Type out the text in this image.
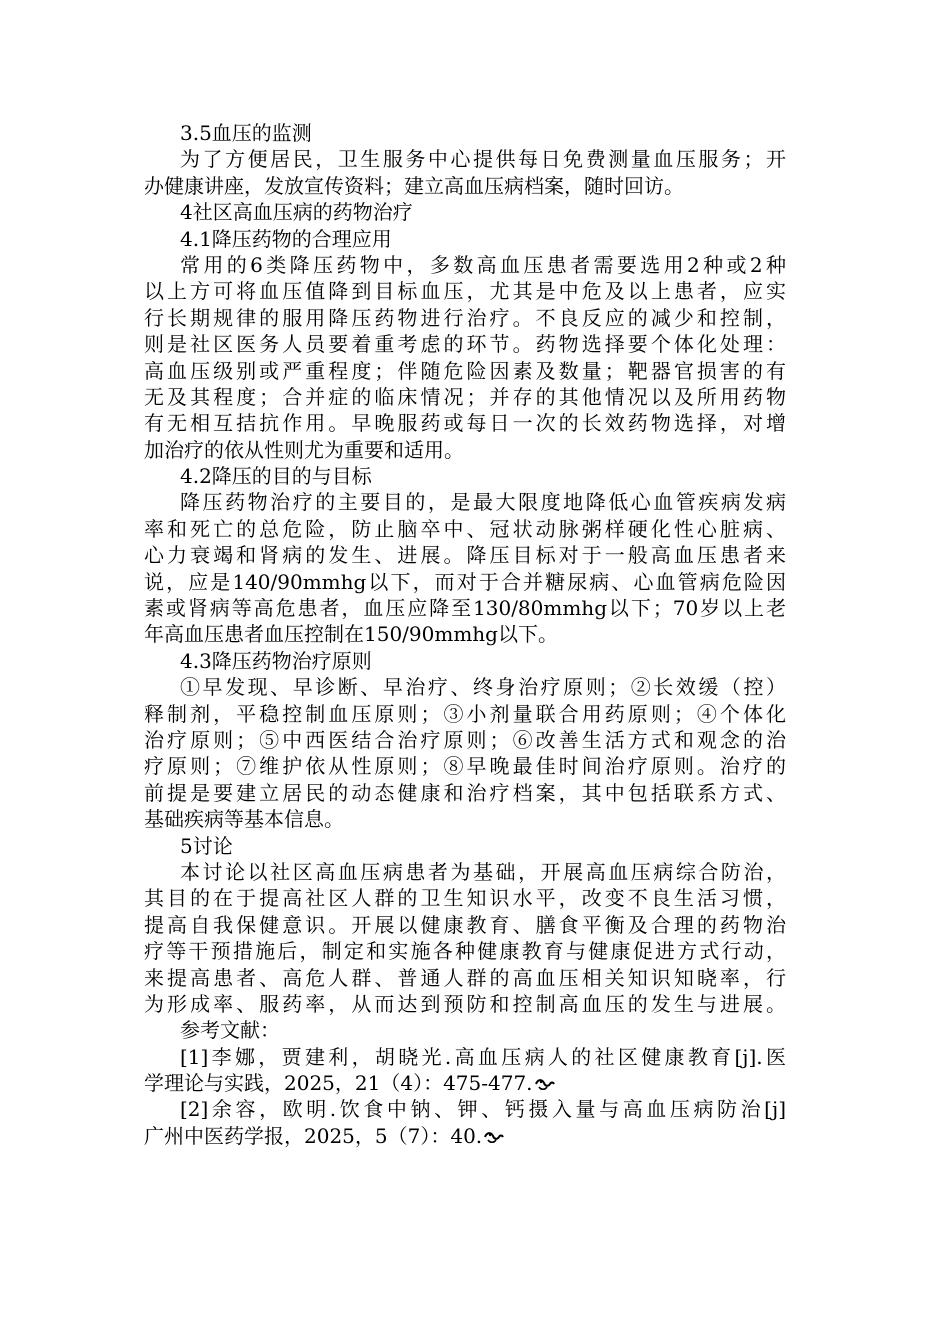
3.5血压的监测
为了方便居民，卫生服务中心提供每日免费测量血压服务；开
办健康讲座，发放宣传资料；建立高血压病档案，随时回访。
4社区高血压病的药物治疗
4.1降压药物的合理应用
常用的6类降压药物中，多数高血压患者需要选用2种或2种
以上方可将血压值降到目标血压，尤其是中危及以上患者，应实
行长期规律的服用降压药物进行治疗。不良反应的减少和控制，
则是社区医务人员要着重考虑的环节。药物选择要个体化处理：
高血压级别或严重程度；伴随危险因素及数量；靶器官损害的有
无及其程度；合并症的临床情况；并存的其他情况以及所用药物
有无相互拮抗作用。早晚服药或每日一次的长效药物选择，对增
加治疗的依从性则尤为重要和适用。
4.2降压的目的与目标
降压药物治疗的主要目的，是最大限度地降低心血管疾病发病
率和死亡的总危险，防止脑卒中、冠状动脉粥样硬化性心脏病、
心力衰竭和肾病的发生、进展。降压目标对于一般高血压患者来
说，应是140/90mmhg以下，而对于合并糖尿病、心血管病危险因
素或肾病等高危患者，血压应降至130/80mmhg以下；70岁以上老
年高血压患者血压控制在150/90mmhg以下。
4.3降压药物治疗原则
①早发现、早诊断、早治疗、终身治疗原则；②长效缓（控）
释制剂，平稳控制血压原则；③小剂量联合用药原则；④个体化
治疗原则；⑤中西医结合治疗原则；⑥改善生活方式和观念的治
疗原则；⑦维护依从性原则；⑧早晚最佳时间治疗原则。治疗的
前提是要建立居民的动态健康和治疗档案，其中包括联系方式、
基础疾病等基本信息。
5讨论
本讨论以社区高血压病患者为基础，开展高血压病综合防治，
其目的在于提高社区人群的卫生知识水平，改变不良生活习惯，
提高自我保健意识。开展以健康教育、膳食平衡及合理的药物治
疗等干预措施后，制定和实施各种健康教育与健康促进方式行动，
来提高患者、高危人群、普通人群的高血压相关知识知晓率，行
为形成率、服药率，从而达到预防和控制高血压的发生与进展。
参考文献：
[1]李娜，贾建利，胡晓光.高血压病人的社区健康教育[j].医
学理论与实践，2025，21（4）：475-477.
[2]余容，欧明.饮食中钠、钾、钙摄入量与高血压病防治[j]
广州中医药学报，2025，5（7）：40.
